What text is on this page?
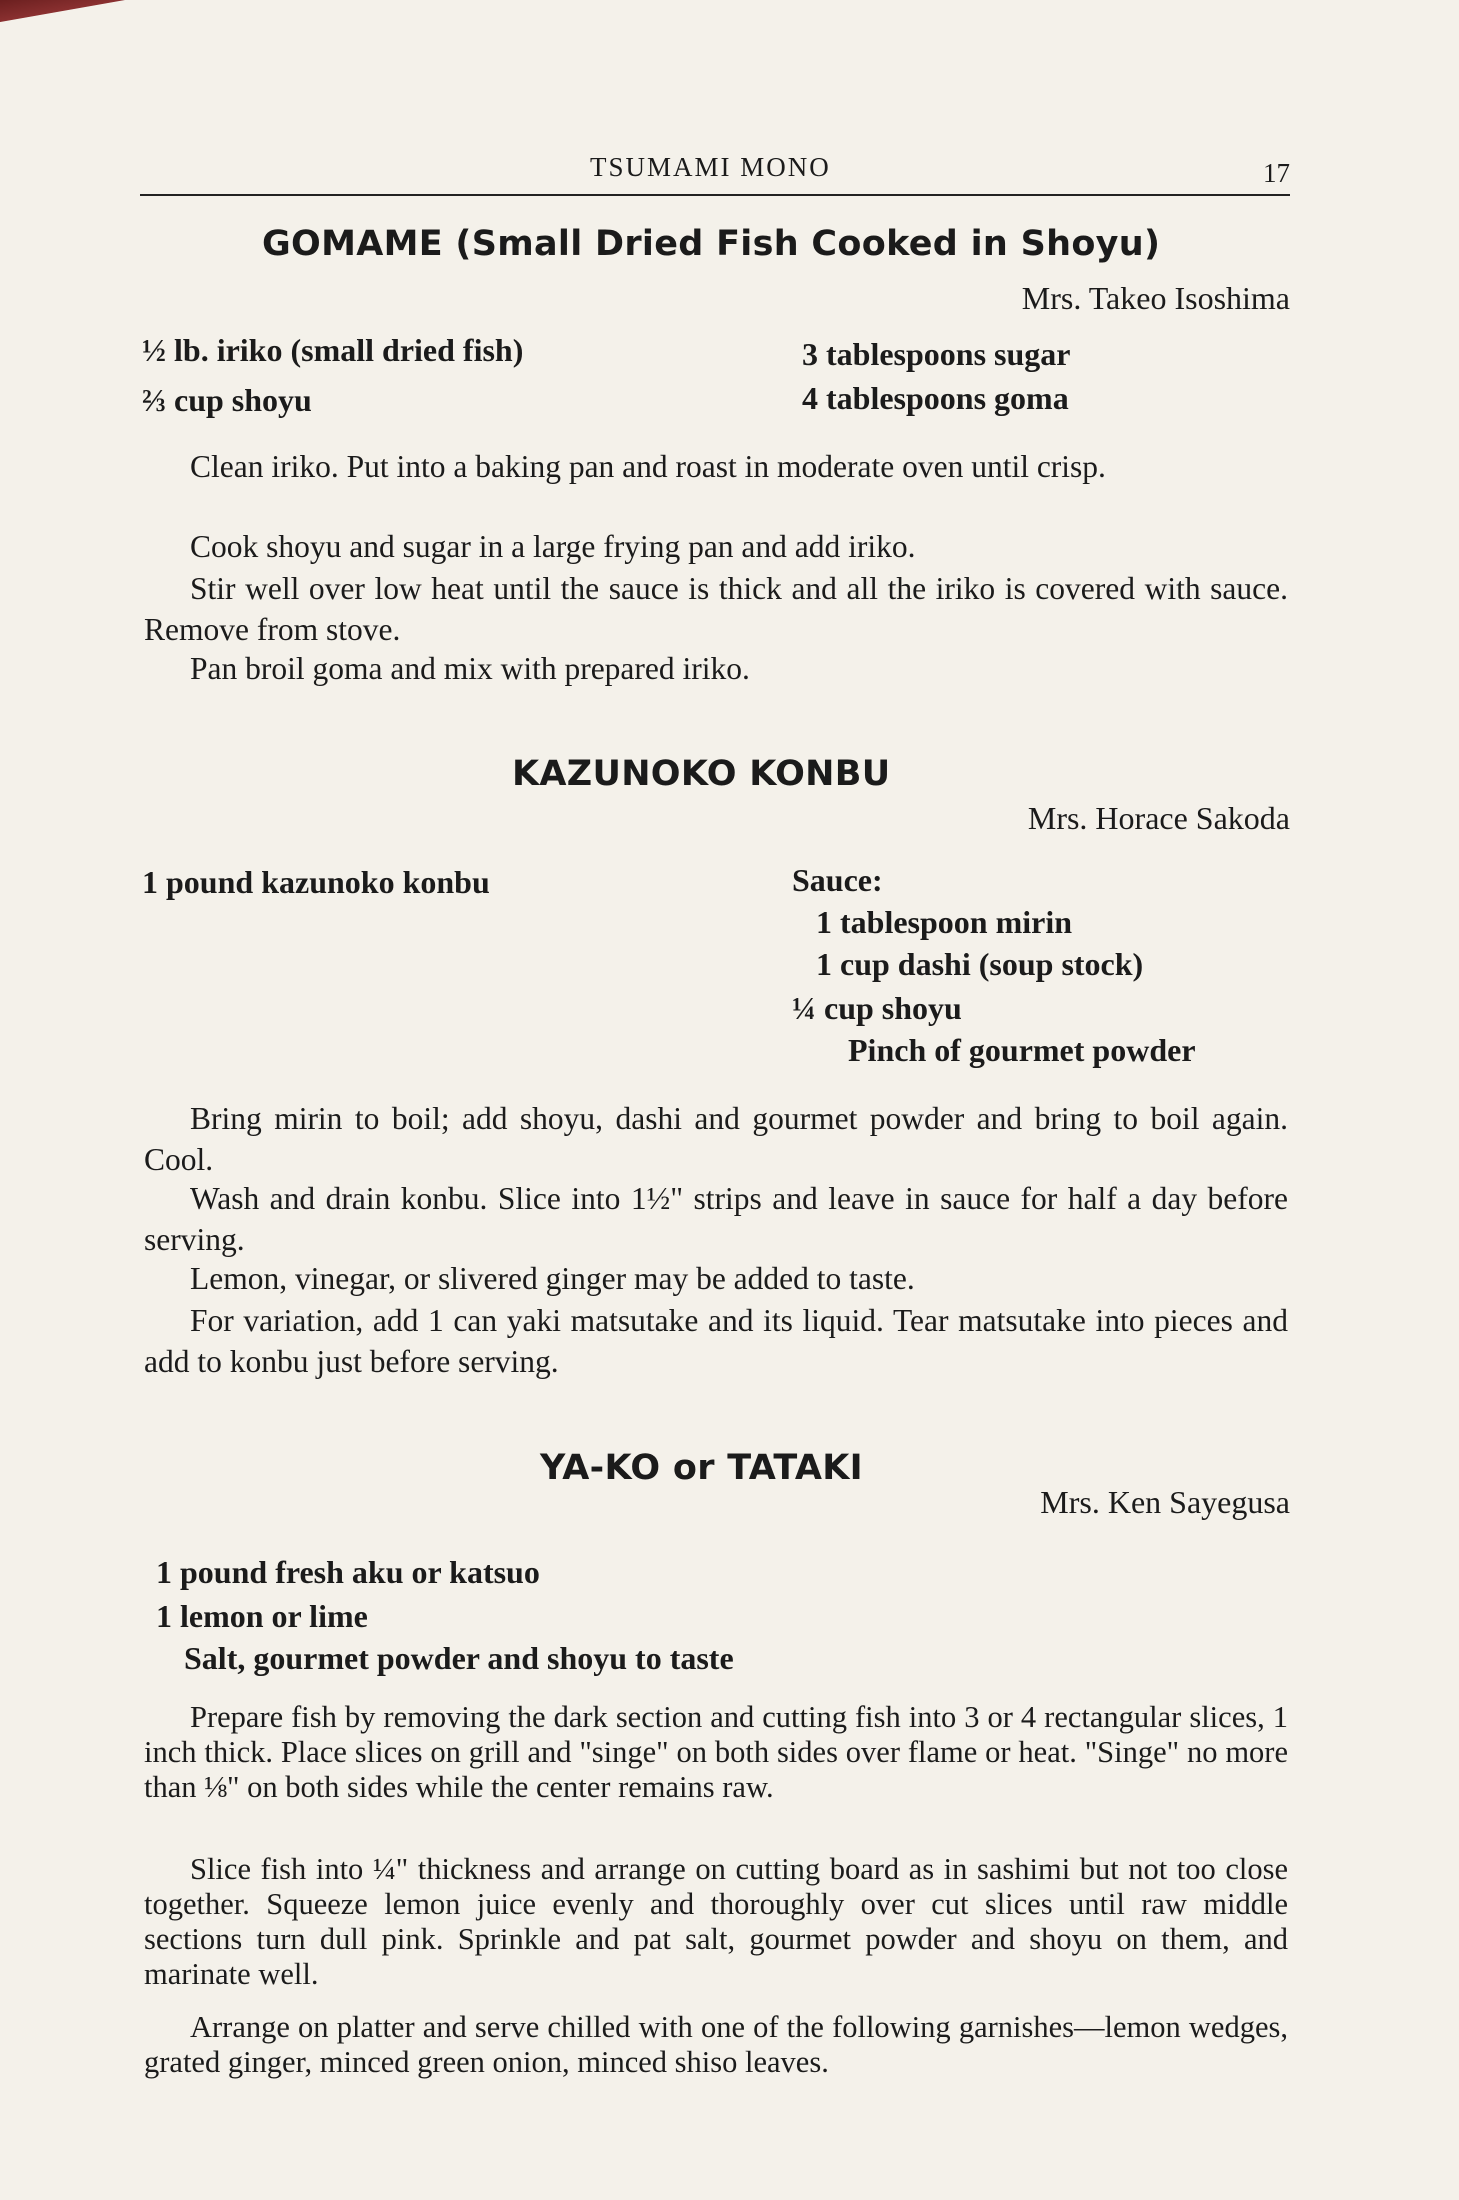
TSUMAMI MONO	17
GOMAME (Small Dried Fish Cooked in Shoyu)
Mrs. Takeo Isoshima
½ lb. iriko (small dried fish)
⅔ cup shoyu
3 tablespoons sugar
4 tablespoons goma
Clean iriko. Put into a baking pan and roast in moderate oven until crisp.
Cook shoyu and sugar in a large frying pan and add iriko.
Stir well over low heat until the sauce is thick and all the iriko is covered with sauce. Remove from stove.
Pan broil goma and mix with prepared iriko.
KAZUNOKO KONBU
Mrs. Horace Sakoda
1 pound kazunoko konbu	Sauce:
1 tablespoon mirin
1 cup dashi (soup stock)
¼ cup shoyu
Pinch of gourmet powder
Bring mirin to boil; add shoyu, dashi and gourmet powder and bring to boil again. Cool.
Wash and drain konbu. Slice into 1½" strips and leave in sauce for half a day before serving.
Lemon, vinegar, or slivered ginger may be added to taste.
For variation, add 1 can yaki matsutake and its liquid. Tear matsutake into pieces and add to konbu just before serving.
YA-KO or TATAKI
Mrs. Ken Sayegusa
1 pound fresh aku or katsuo
1 lemon or lime
Salt, gourmet powder and shoyu to taste
Prepare fish by removing the dark section and cutting fish into 3 or 4 rectangular slices, 1 inch thick. Place slices on grill and "singe" on both sides over flame or heat. "Singe" no more than ⅛" on both sides while the center remains raw.
Slice fish into ¼" thickness and arrange on cutting board as in sashimi but not too close together. Squeeze lemon juice evenly and thoroughly over cut slices until raw middle sections turn dull pink. Sprinkle and pat salt, gourmet powder and shoyu on them, and marinate well.
Arrange on platter and serve chilled with one of the following garnishes—lemon wedges, grated ginger, minced green onion, minced shiso leaves.
